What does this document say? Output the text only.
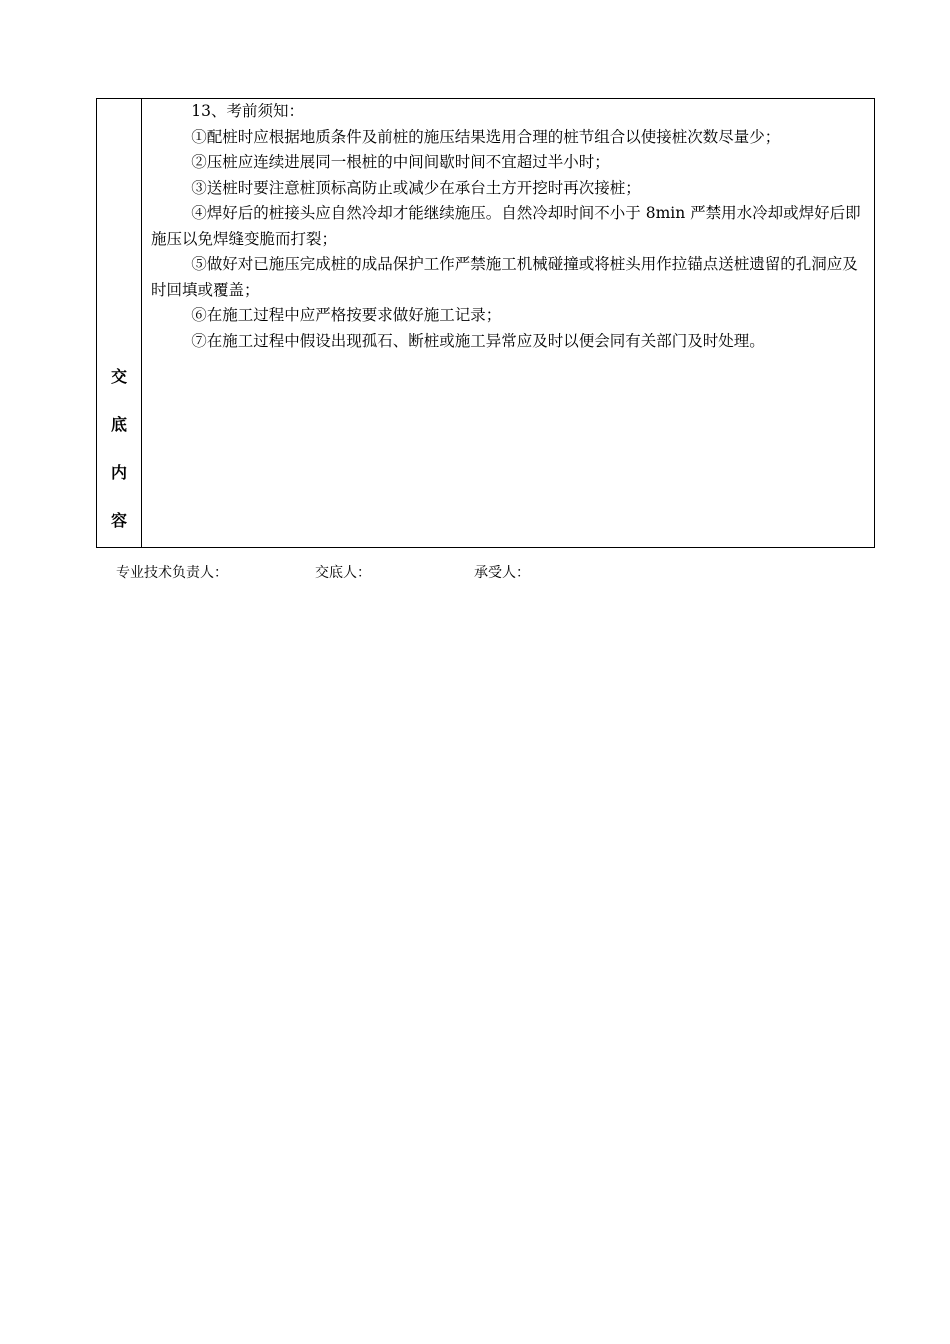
交
底
内
容

13、考前须知：

①配桩时应根据地质条件及前桩的施压结果选用合理的桩节组合以使接桩次数尽量少；

②压桩应连续进展同一根桩的中间间歇时间不宜超过半小时；

③送桩时要注意桩顶标高防止或减少在承台土方开挖时再次接桩；

④焊好后的桩接头应自然冷却才能继续施压。自然冷却时间不小于 8min 严禁用水冷却或焊好后即施压以免焊缝变脆而打裂；

⑤做好对已施压完成桩的成品保护工作严禁施工机械碰撞或将桩头用作拉锚点送桩遗留的孔洞应及时回填或覆盖；

⑥在施工过程中应严格按要求做好施工记录；

⑦在施工过程中假设出现孤石、断桩或施工异常应及时以便会同有关部门及时处理。

专业技术负责人：	交底人：	承受人：
